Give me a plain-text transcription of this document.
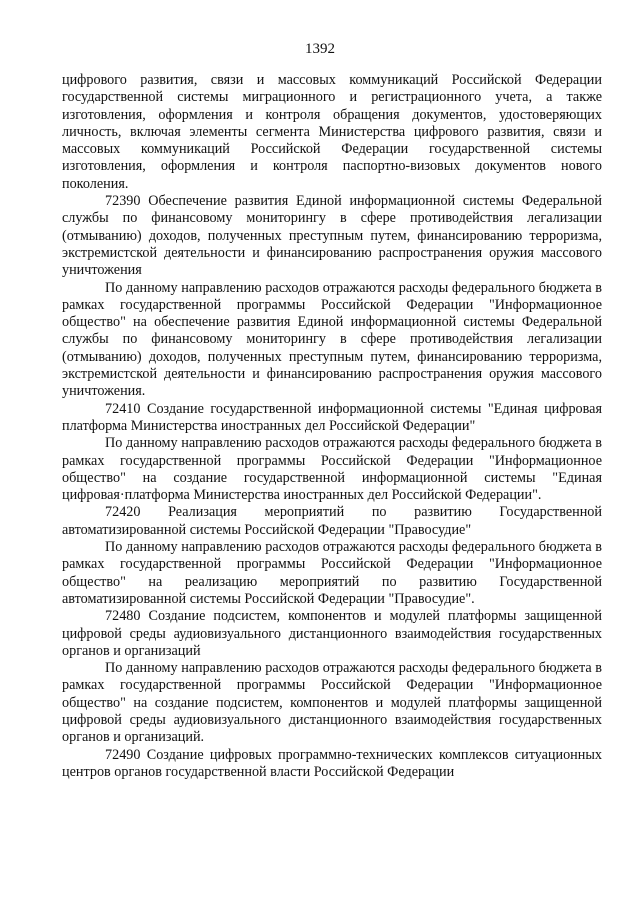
1392

цифрового развития, связи и массовых коммуникаций Российской Федерации государственной системы миграционного и регистрационного учета, а также изготовления, оформления и контроля обращения документов, удостоверяющих личность, включая элементы сегмента Министерства цифрового развития, связи и массовых коммуникаций Российской Федерации государственной системы изготовления, оформления и контроля паспортно-визовых документов нового поколения.

72390 Обеспечение развития Единой информационной системы Федеральной службы по финансовому мониторингу в сфере противодействия легализации (отмыванию) доходов, полученных преступным путем, финансированию терроризма, экстремистской деятельности и финансированию распространения оружия массового уничтожения

По данному направлению расходов отражаются расходы федерального бюджета в рамках государственной программы Российской Федерации "Информационное общество" на обеспечение развития Единой информационной системы Федеральной службы по финансовому мониторингу в сфере противодействия легализации (отмыванию) доходов, полученных преступным путем, финансированию терроризма, экстремистской деятельности и финансированию распространения оружия массового уничтожения.

72410 Создание государственной информационной системы "Единая цифровая платформа Министерства иностранных дел Российской Федерации"

По данному направлению расходов отражаются расходы федерального бюджета в рамках государственной программы Российской Федерации "Информационное общество" на создание государственной информационной системы "Единая цифровая·платформа Министерства иностранных дел Российской Федерации".

72420 Реализация мероприятий по развитию Государственной автоматизированной системы Российской Федерации "Правосудие"

По данному направлению расходов отражаются расходы федерального бюджета в рамках государственной программы Российской Федерации "Информационное общество" на реализацию мероприятий по развитию Государственной автоматизированной системы Российской Федерации "Правосудие".

72480 Создание подсистем, компонентов и модулей платформы защищенной цифровой среды аудиовизуального дистанционного взаимодействия государственных органов и организаций

По данному направлению расходов отражаются расходы федерального бюджета в рамках государственной программы Российской Федерации "Информационное общество" на создание подсистем, компонентов и модулей платформы защищенной цифровой среды аудиовизуального дистанционного взаимодействия государственных органов и организаций.

72490 Создание цифровых программно-технических комплексов ситуационных центров органов государственной власти Российской Федерации
